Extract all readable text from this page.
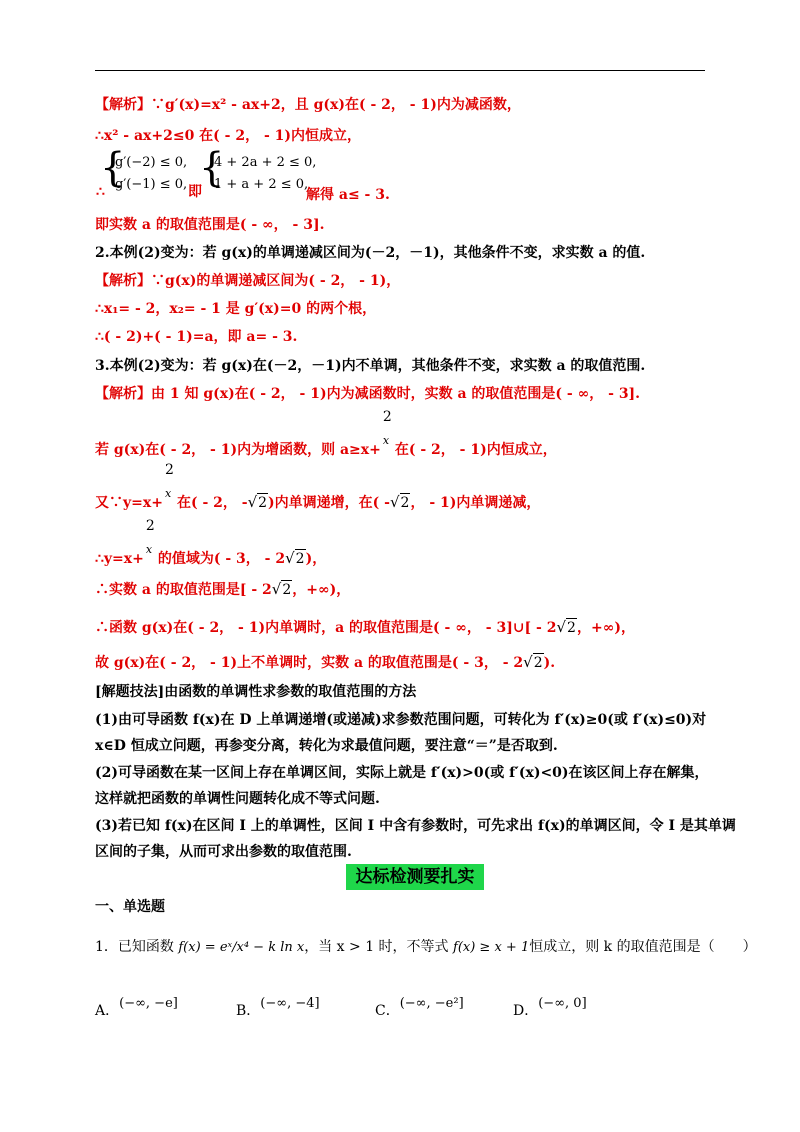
【解析】∵g′(x)=x² - ax+2，且 g(x)在( - 2， - 1)内为减函数，
∴x² - ax+2≤0 在( - 2， - 1)内恒成立，
{
g′(−2) ≤ 0,
g′(−1) ≤ 0,
∴	即
{
4 + 2a + 2 ≤ 0,
1 + a + 2 ≤ 0,
解得 a≤ - 3.
即实数 a 的取值范围是( - ∞， - 3].
2.本例(2)变为：若 g(x)的单调递减区间为(－2，－1)，其他条件不变，求实数 a 的值.
【解析】∵g(x)的单调递减区间为( - 2， - 1)，
∴x₁= - 2，x₂= - 1 是 g′(x)=0 的两个根，
∴( - 2)+( - 1)=a，即 a= - 3.
3.本例(2)变为：若 g(x)在(－2，－1)内不单调，其他条件不变，求实数 a 的取值范围.
【解析】由 1 知 g(x)在( - 2， - 1)内为减函数时，实数 a 的取值范围是( - ∞， - 3].
若 g(x)在( - 2， - 1)内为增函数，则 a≥x+
2
x
在( - 2， - 1)内恒成立，
又∵y=x+
2
x
在( - 2， -√2)内单调递增，在( -√2， - 1)内单调递减，
∴y=x+
2
x
的值域为( - 3， - 2√2)，
∴实数 a 的取值范围是[ - 2√2，+∞)，
∴函数 g(x)在( - 2， - 1)内单调时，a 的取值范围是( - ∞， - 3]∪[ - 2√2，+∞)，
故 g(x)在( - 2， - 1)上不单调时，实数 a 的取值范围是( - 3， - 2√2).
[解题技法]由函数的单调性求参数的取值范围的方法
(1)由可导函数 f(x)在 D 上单调递增(或递减)求参数范围问题，可转化为 f′(x)≥0(或 f′(x)≤0)对
x∈D 恒成立问题，再参变分离，转化为求最值问题，要注意“＝”是否取到.
(2)可导函数在某一区间上存在单调区间，实际上就是 f′(x)>0(或 f′(x)<0)在该区间上存在解集，
这样就把函数的单调性问题转化成不等式问题.
(3)若已知 f(x)在区间 I 上的单调性，区间 I 中含有参数时，可先求出 f(x)的单调区间，令 I 是其单调
区间的子集，从而可求出参数的取值范围.
达标检测要扎实
一、单选题
1．已知函数 f(x) = eˣ/x⁴ − k ln x，当 x > 1 时，不等式 f(x) ≥ x + 1恒成立，则 k 的取值范围是（　　）
A．(−∞, −e]	B．(−∞, −4]	C．(−∞, −e²]	D．(−∞, 0]
